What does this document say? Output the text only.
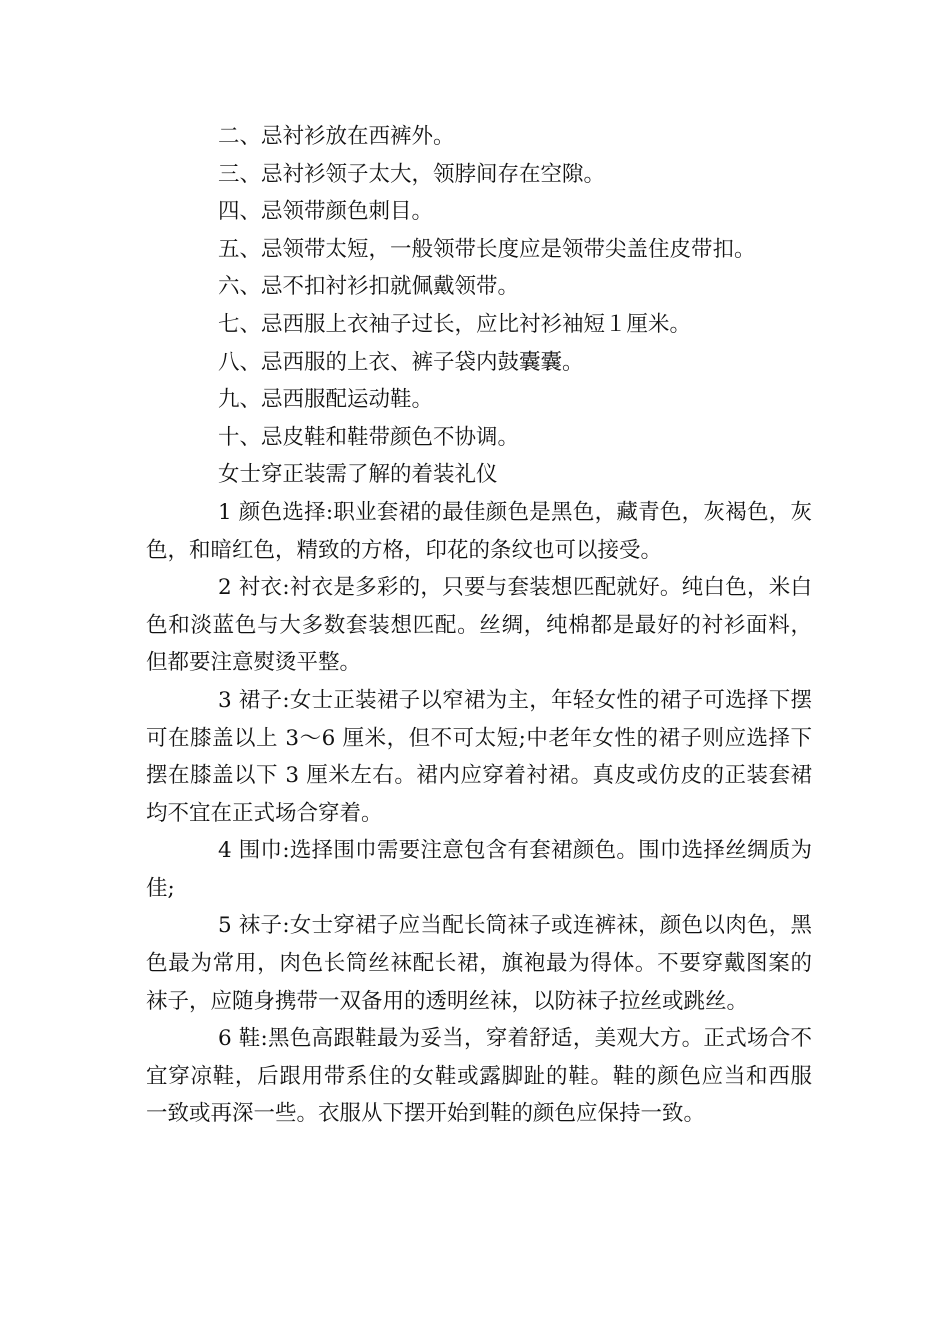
二、忌衬衫放在西裤外。
三、忌衬衫领子太大，领脖间存在空隙。
四、忌领带颜色刺目。
五、忌领带太短，一般领带长度应是领带尖盖住皮带扣。
六、忌不扣衬衫扣就佩戴领带。
七、忌西服上衣袖子过长，应比衬衫袖短１厘米。
八、忌西服的上衣、裤子袋内鼓囊囊。
九、忌西服配运动鞋。
十、忌皮鞋和鞋带颜色不协调。
女士穿正装需了解的着装礼仪

1 颜色选择:职业套裙的最佳颜色是黑色，藏青色，灰褐色，灰色，和暗红色，精致的方格，印花的条纹也可以接受。

2 衬衣:衬衣是多彩的，只要与套装想匹配就好。纯白色，米白色和淡蓝色与大多数套装想匹配。丝绸，纯棉都是最好的衬衫面料，但都要注意熨烫平整。

3 裙子:女士正装裙子以窄裙为主，年轻女性的裙子可选择下摆可在膝盖以上 3～6 厘米，但不可太短;中老年女性的裙子则应选择下摆在膝盖以下 3 厘米左右。裙内应穿着衬裙。真皮或仿皮的正装套裙均不宜在正式场合穿着。

4 围巾:选择围巾需要注意包含有套裙颜色。围巾选择丝绸质为佳;

5 袜子:女士穿裙子应当配长筒袜子或连裤袜，颜色以肉色，黑色最为常用，肉色长筒丝袜配长裙，旗袍最为得体。不要穿戴图案的袜子，应随身携带一双备用的透明丝袜，以防袜子拉丝或跳丝。

6 鞋:黑色高跟鞋最为妥当，穿着舒适，美观大方。正式场合不宜穿凉鞋，后跟用带系住的女鞋或露脚趾的鞋。鞋的颜色应当和西服一致或再深一些。衣服从下摆开始到鞋的颜色应保持一致。
